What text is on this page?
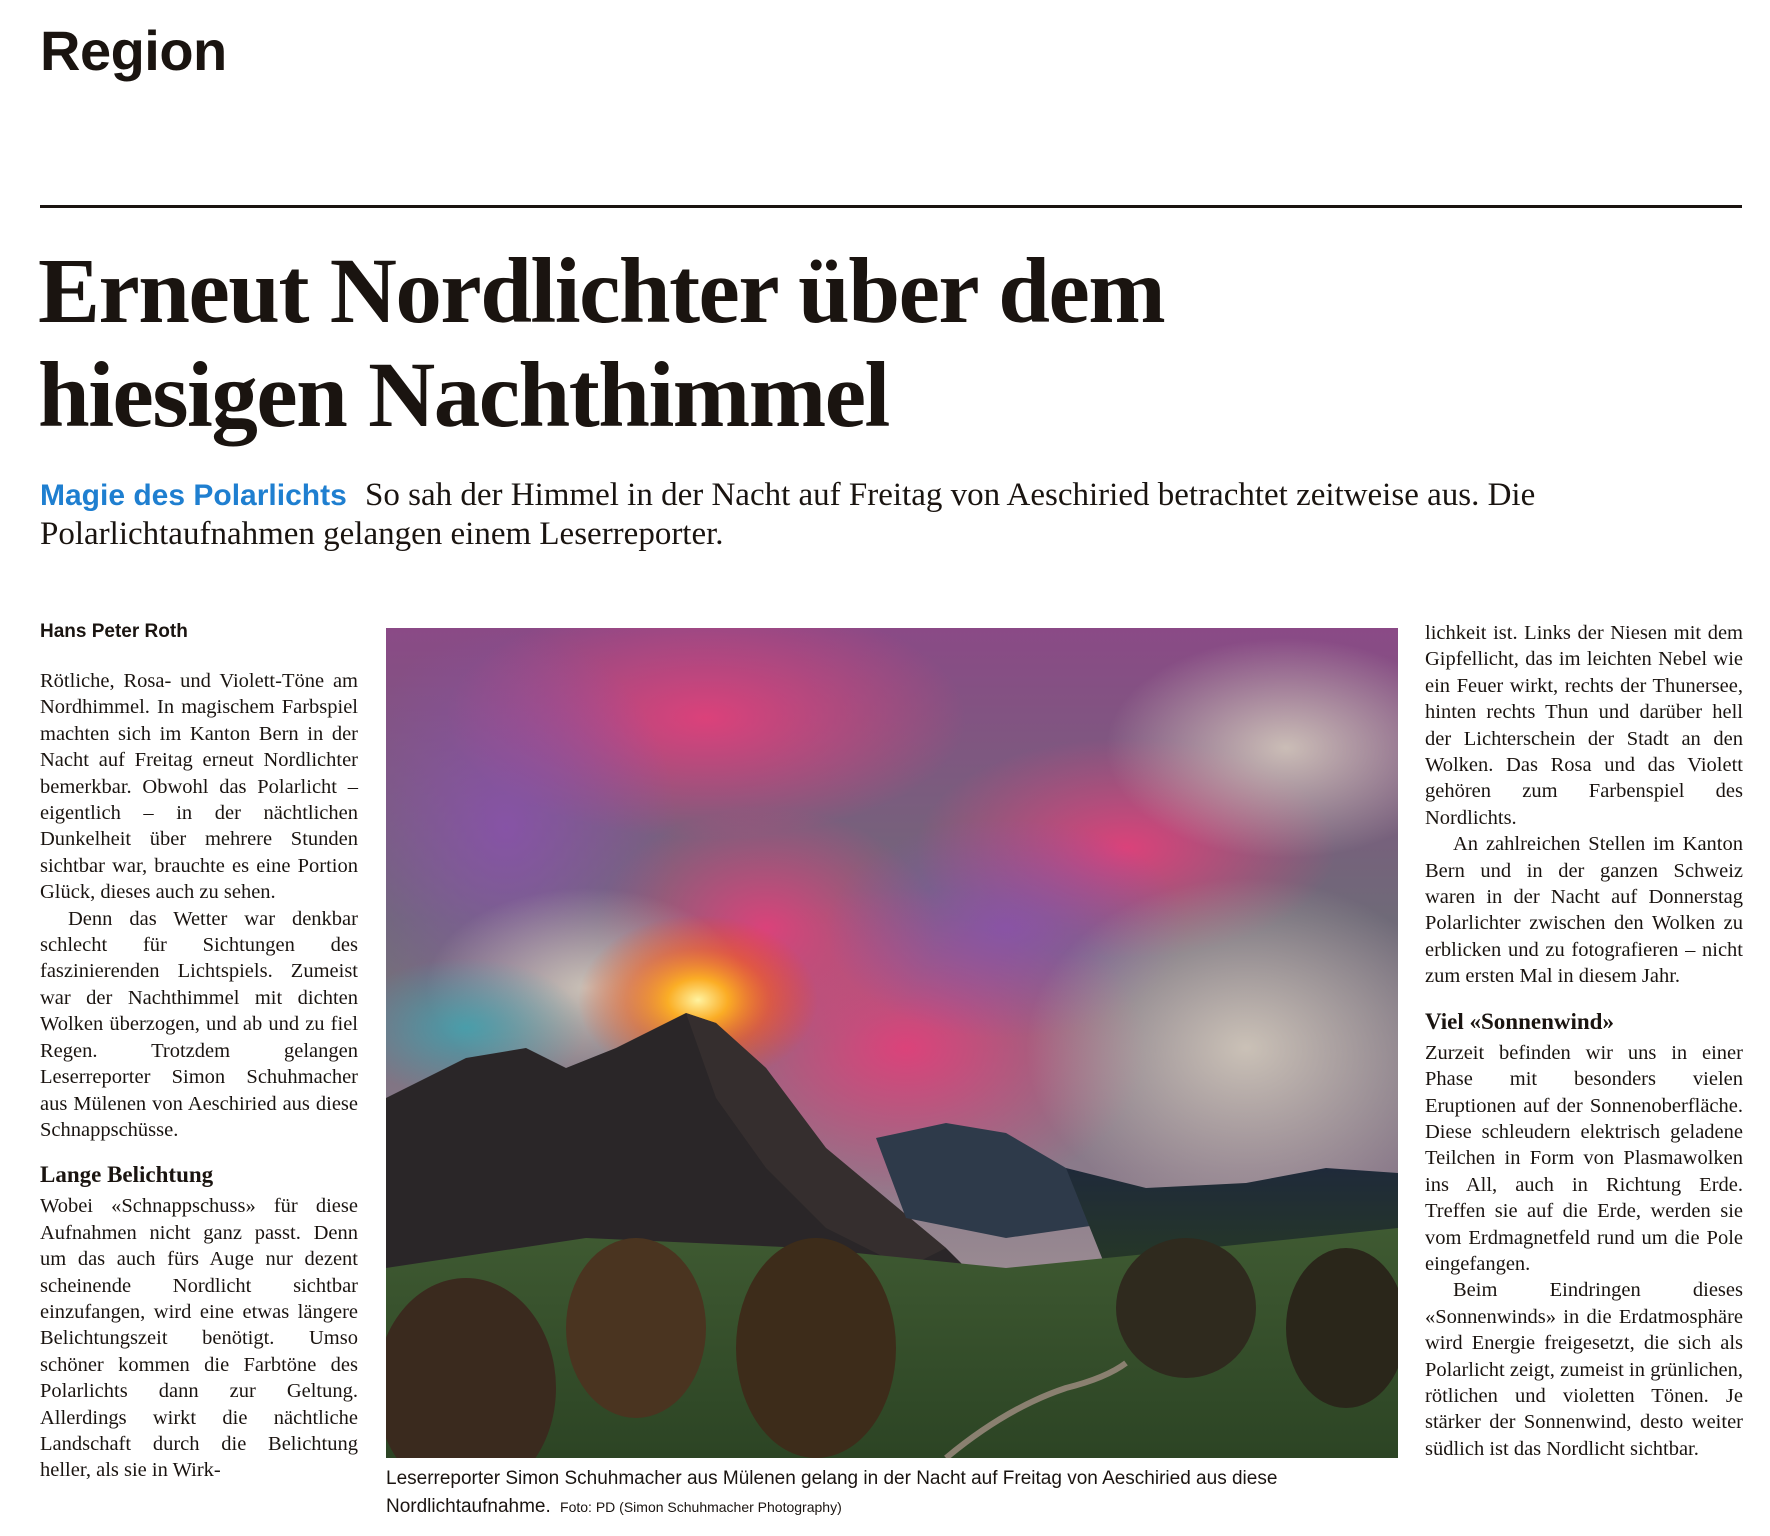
Region
Erneut Nordlichter über dem
hiesigen Nachthimmel
Magie des Polarlichts So sah der Himmel in der Nacht auf Freitag von Aeschiried betrachtet zeitweise aus. Die Polarlichtaufnahmen gelangen einem Leserreporter.
Hans Peter Roth

Rötliche, Rosa- und Violett-Töne am Nordhimmel. In magischem Farbspiel machten sich im Kanton Bern in der Nacht auf Freitag erneut Nordlichter bemerkbar. Obwohl das Polarlicht – eigentlich – in der nächtlichen Dunkelheit über mehrere Stunden sichtbar war, brauchte es eine Portion Glück, dieses auch zu sehen.

Denn das Wetter war denkbar schlecht für Sichtungen des faszinierenden Lichtspiels. Zumeist war der Nachthimmel mit dichten Wolken überzogen, und ab und zu fiel Regen. Trotzdem gelangen Leserreporter Simon Schuhmacher aus Mülenen von Aeschiried aus diese Schnappschüsse.

Lange Belichtung

Wobei «Schnappschuss» für diese Aufnahmen nicht ganz passt. Denn um das auch fürs Auge nur dezent scheinende Nordlicht sichtbar einzufangen, wird eine etwas längere Belichtungszeit benötigt. Umso schöner kommen die Farbtöne des Polarlichts dann zur Geltung. Allerdings wirkt die nächtliche Landschaft durch die Belichtung heller, als sie in Wirk-	Leserreporter Simon Schuhmacher aus Mülenen gelang in der Nacht auf Freitag von Aeschiried aus diese Nordlichtaufnahme. Foto: PD (Simon Schuhmacher Photography)

lichkeit ist. Links der Niesen mit dem Gipfellicht, das im leichten Nebel wie ein Feuer wirkt, rechts der Thunersee, hinten rechts Thun und darüber hell der Lichterschein der Stadt an den Wolken. Das Rosa und das Violett gehören zum Farbenspiel des Nordlichts.

An zahlreichen Stellen im Kanton Bern und in der ganzen Schweiz waren in der Nacht auf Donnerstag Polarlichter zwischen den Wolken zu erblicken und zu fotografieren – nicht zum ersten Mal in diesem Jahr.

Viel «Sonnenwind»

Zurzeit befinden wir uns in einer Phase mit besonders vielen Eruptionen auf der Sonnenoberfläche. Diese schleudern elektrisch geladene Teilchen in Form von Plasmawolken ins All, auch in Richtung Erde. Treffen sie auf die Erde, werden sie vom Erdmagnetfeld rund um die Pole eingefangen.

Beim Eindringen dieses «Sonnenwinds» in die Erdatmosphäre wird Energie freigesetzt, die sich als Polarlicht zeigt, zumeist in grünlichen, rötlichen und violetten Tönen. Je stärker der Sonnenwind, desto weiter südlich ist das Nordlicht sichtbar.
